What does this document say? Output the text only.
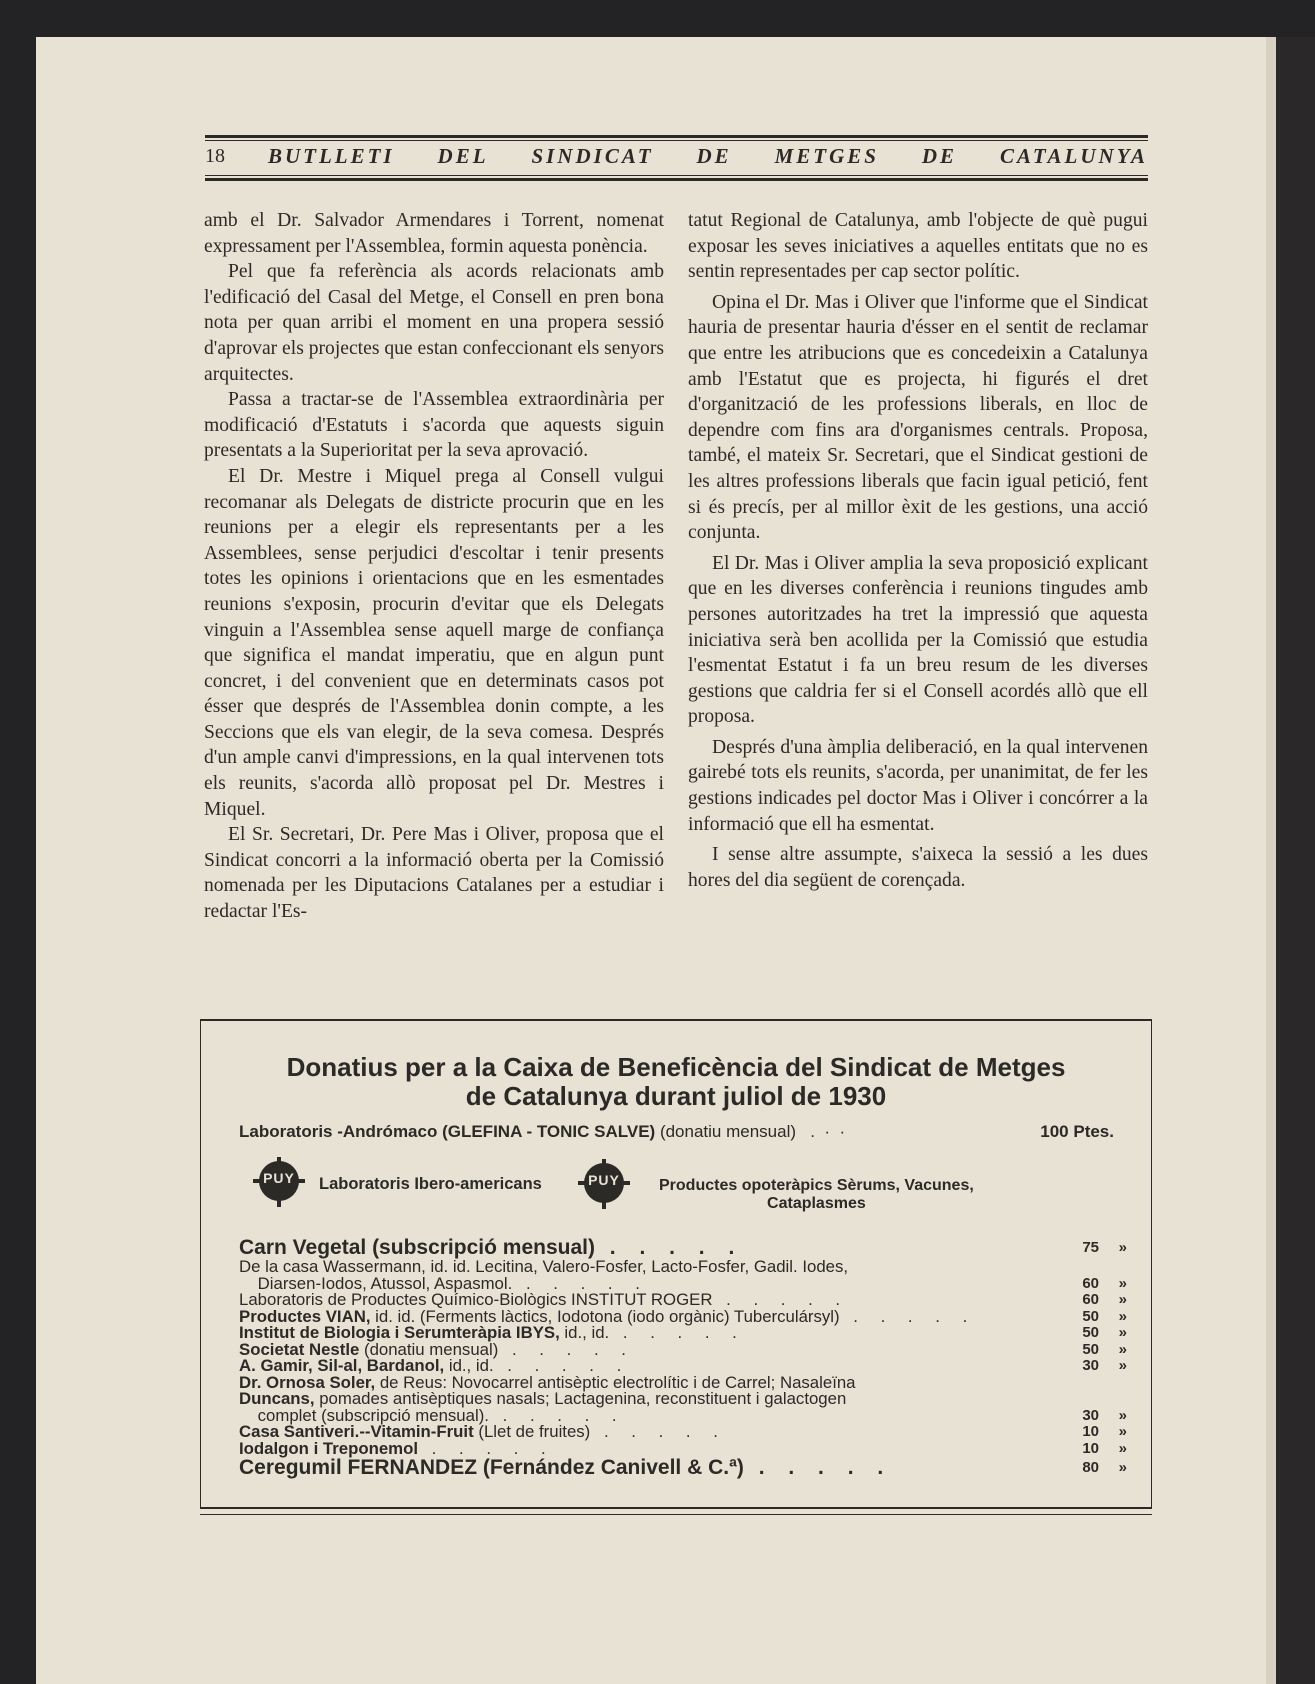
18 BUTLLETI DEL SINDICAT DE METGES DE CATALUNYA

amb el Dr. Salvador Armendares i Torrent, nomenat expressament per l'Assemblea, formin aquesta ponència.

Pel que fa referència als acords relacionats amb l'edificació del Casal del Metge, el Consell en pren bona nota per quan arribi el moment en una propera sessió d'aprovar els projectes que estan confeccionant els senyors arquitectes.

Passa a tractar-se de l'Assemblea extraordinària per modificació d'Estatuts i s'acorda que aquests siguin presentats a la Superioritat per la seva aprovació.

El Dr. Mestre i Miquel prega al Consell vulgui recomanar als Delegats de districte procurin que en les reunions per a elegir els representants per a les Assemblees, sense perjudici d'escoltar i tenir presents totes les opinions i orientacions que en les esmentades reunions s'exposin, procurin d'evitar que els Delegats vinguin a l'Assemblea sense aquell marge de confiança que significa el mandat imperatiu, que en algun punt concret, i del convenient que en determinats casos pot ésser que després de l'Assemblea donin compte, a les Seccions que els van elegir, de la seva comesa. Després d'un ample canvi d'impressions, en la qual intervenen tots els reunits, s'acorda allò proposat pel Dr. Mestres i Miquel.

El Sr. Secretari, Dr. Pere Mas i Oliver, proposa que el Sindicat concorri a la informació oberta per la Comissió nomenada per les Diputacions Catalanes per a estudiar i redactar l'Es-

tatut Regional de Catalunya, amb l'objecte de què pugui exposar les seves iniciatives a aquelles entitats que no es sentin representades per cap sector polític.

Opina el Dr. Mas i Oliver que l'informe que el Sindicat hauria de presentar hauria d'ésser en el sentit de reclamar que entre les atribucions que es concedeixin a Catalunya amb l'Estatut que es projecta, hi figurés el dret d'organització de les professions liberals, en lloc de dependre com fins ara d'organismes centrals. Proposa, també, el mateix Sr. Secretari, que el Sindicat gestioni de les altres professions liberals que facin igual petició, fent si és precís, per al millor èxit de les gestions, una acció conjunta.

El Dr. Mas i Oliver amplia la seva proposició explicant que en les diverses conferència i reunions tingudes amb persones autoritzades ha tret la impressió que aquesta iniciativa serà ben acollida per la Comissió que estudia l'esmentat Estatut i fa un breu resum de les diverses gestions que caldria fer si el Consell acordés allò que ell proposa.

Després d'una àmplia deliberació, en la qual intervenen gairebé tots els reunits, s'acorda, per unanimitat, de fer les gestions indicades pel doctor Mas i Oliver i concórrer a la informació que ell ha esmentat.

I sense altre assumpte, s'aixeca la sessió a les dues hores del dia següent de corençada.

Donatius per a la Caixa de Beneficència del Sindicat de Metges
de Catalunya durant juliol de 1930
Laboratoris -Andrómaco (GLEFINA - TONIC SALVE) (donatiu mensual)   .  ·  ·	100 Ptes.
PUY Laboratoris Ibero-americans	PUY Productes opoteràpics Sèrums, Vacunes,
Cataplasmes
Carn Vegetal (subscripció mensual) . . . . .	75 »
De la casa Wassermann, id. id. Lecitina, Valero-Fosfer, Lacto-Fosfer, Gadil. Iodes,
Diarsen-Iodos, Atussol, Aspasmol. . . . . .	60 »
Laboratoris de Productes Químico-Biològics INSTITUT ROGER . . . . .	60 »
Productes VIAN, id. id. (Ferments làctics, Iodotona (iodo orgànic) Tuberculársyl) . . . . .	50 »
Institut de Biologia i Serumteràpia IBYS, id., id. . . . . .	50 »
Societat Nestle (donatiu mensual) . . . . .	50 »
A. Gamir, Sil-al, Bardanol, id., id. . . . . .	30 »
Dr. Ornosa Soler, de Reus: Novocarrel antisèptic electrolític i de Carrel; Nasaleïna
Duncans, pomades antisèptiques nasals; Lactagenina, reconstituent i galactogen
complet (subscripció mensual). . . . . .	30 »
Casa Santiveri.--Vitamin-Fruit (Llet de fruites) . . . . .	10 »
Iodalgon i Treponemol . . . . .	10 »
Ceregumil FERNANDEZ (Fernández Canivell & C.ª) . . . . .	80 »
